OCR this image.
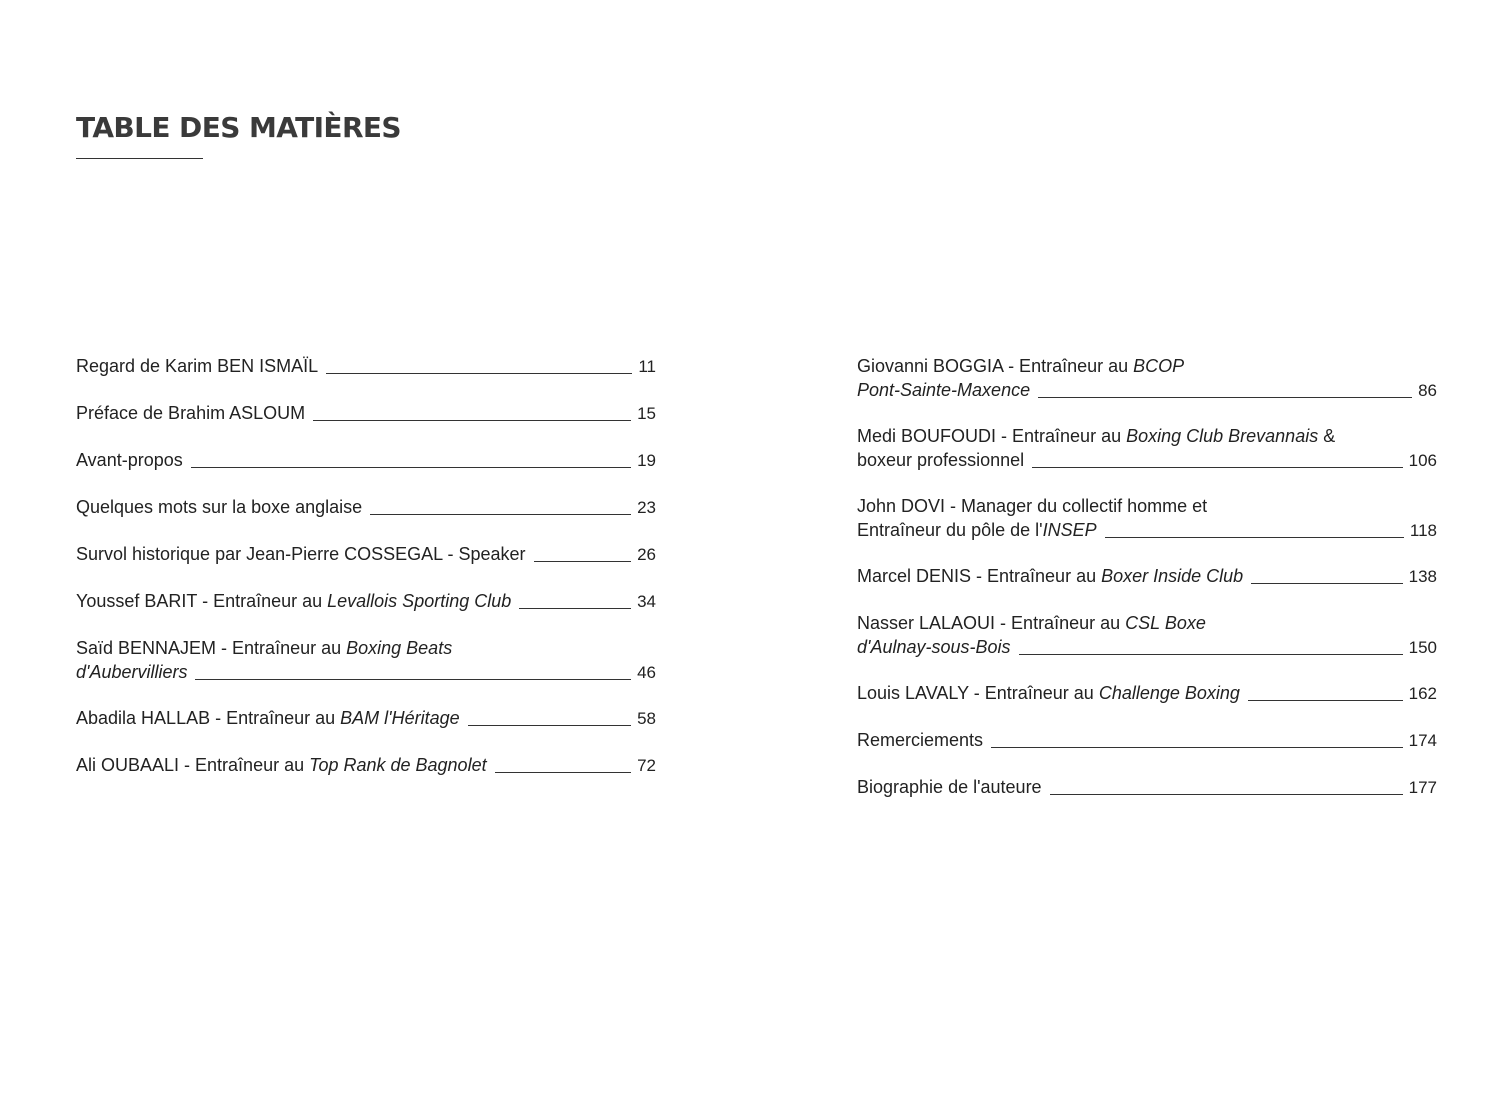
TABLE DES MATIÈRES
Regard de Karim BEN ISMAÏL	11
Préface de Brahim ASLOUM	15
Avant-propos	19
Quelques mots sur la boxe anglaise	23
Survol historique par Jean-Pierre COSSEGAL - Speaker	26
Youssef BARIT - Entraîneur au Levallois Sporting Club	34
Saïd BENNAJEM - Entraîneur au Boxing Beats
d'Aubervilliers	46
Abadila HALLAB - Entraîneur au BAM l'Héritage	58
Ali OUBAALI - Entraîneur au Top Rank de Bagnolet	72
Giovanni BOGGIA - Entraîneur au BCOP
Pont-Sainte-Maxence	86
Medi BOUFOUDI - Entraîneur au Boxing Club Brevannais &
boxeur professionnel	106
John DOVI - Manager du collectif homme et
Entraîneur du pôle de l'INSEP	118
Marcel DENIS - Entraîneur au Boxer Inside Club	138
Nasser LALAOUI - Entraîneur au CSL Boxe
d'Aulnay-sous-Bois	150
Louis LAVALY - Entraîneur au Challenge Boxing	162
Remerciements	174
Biographie de l'auteure	177
